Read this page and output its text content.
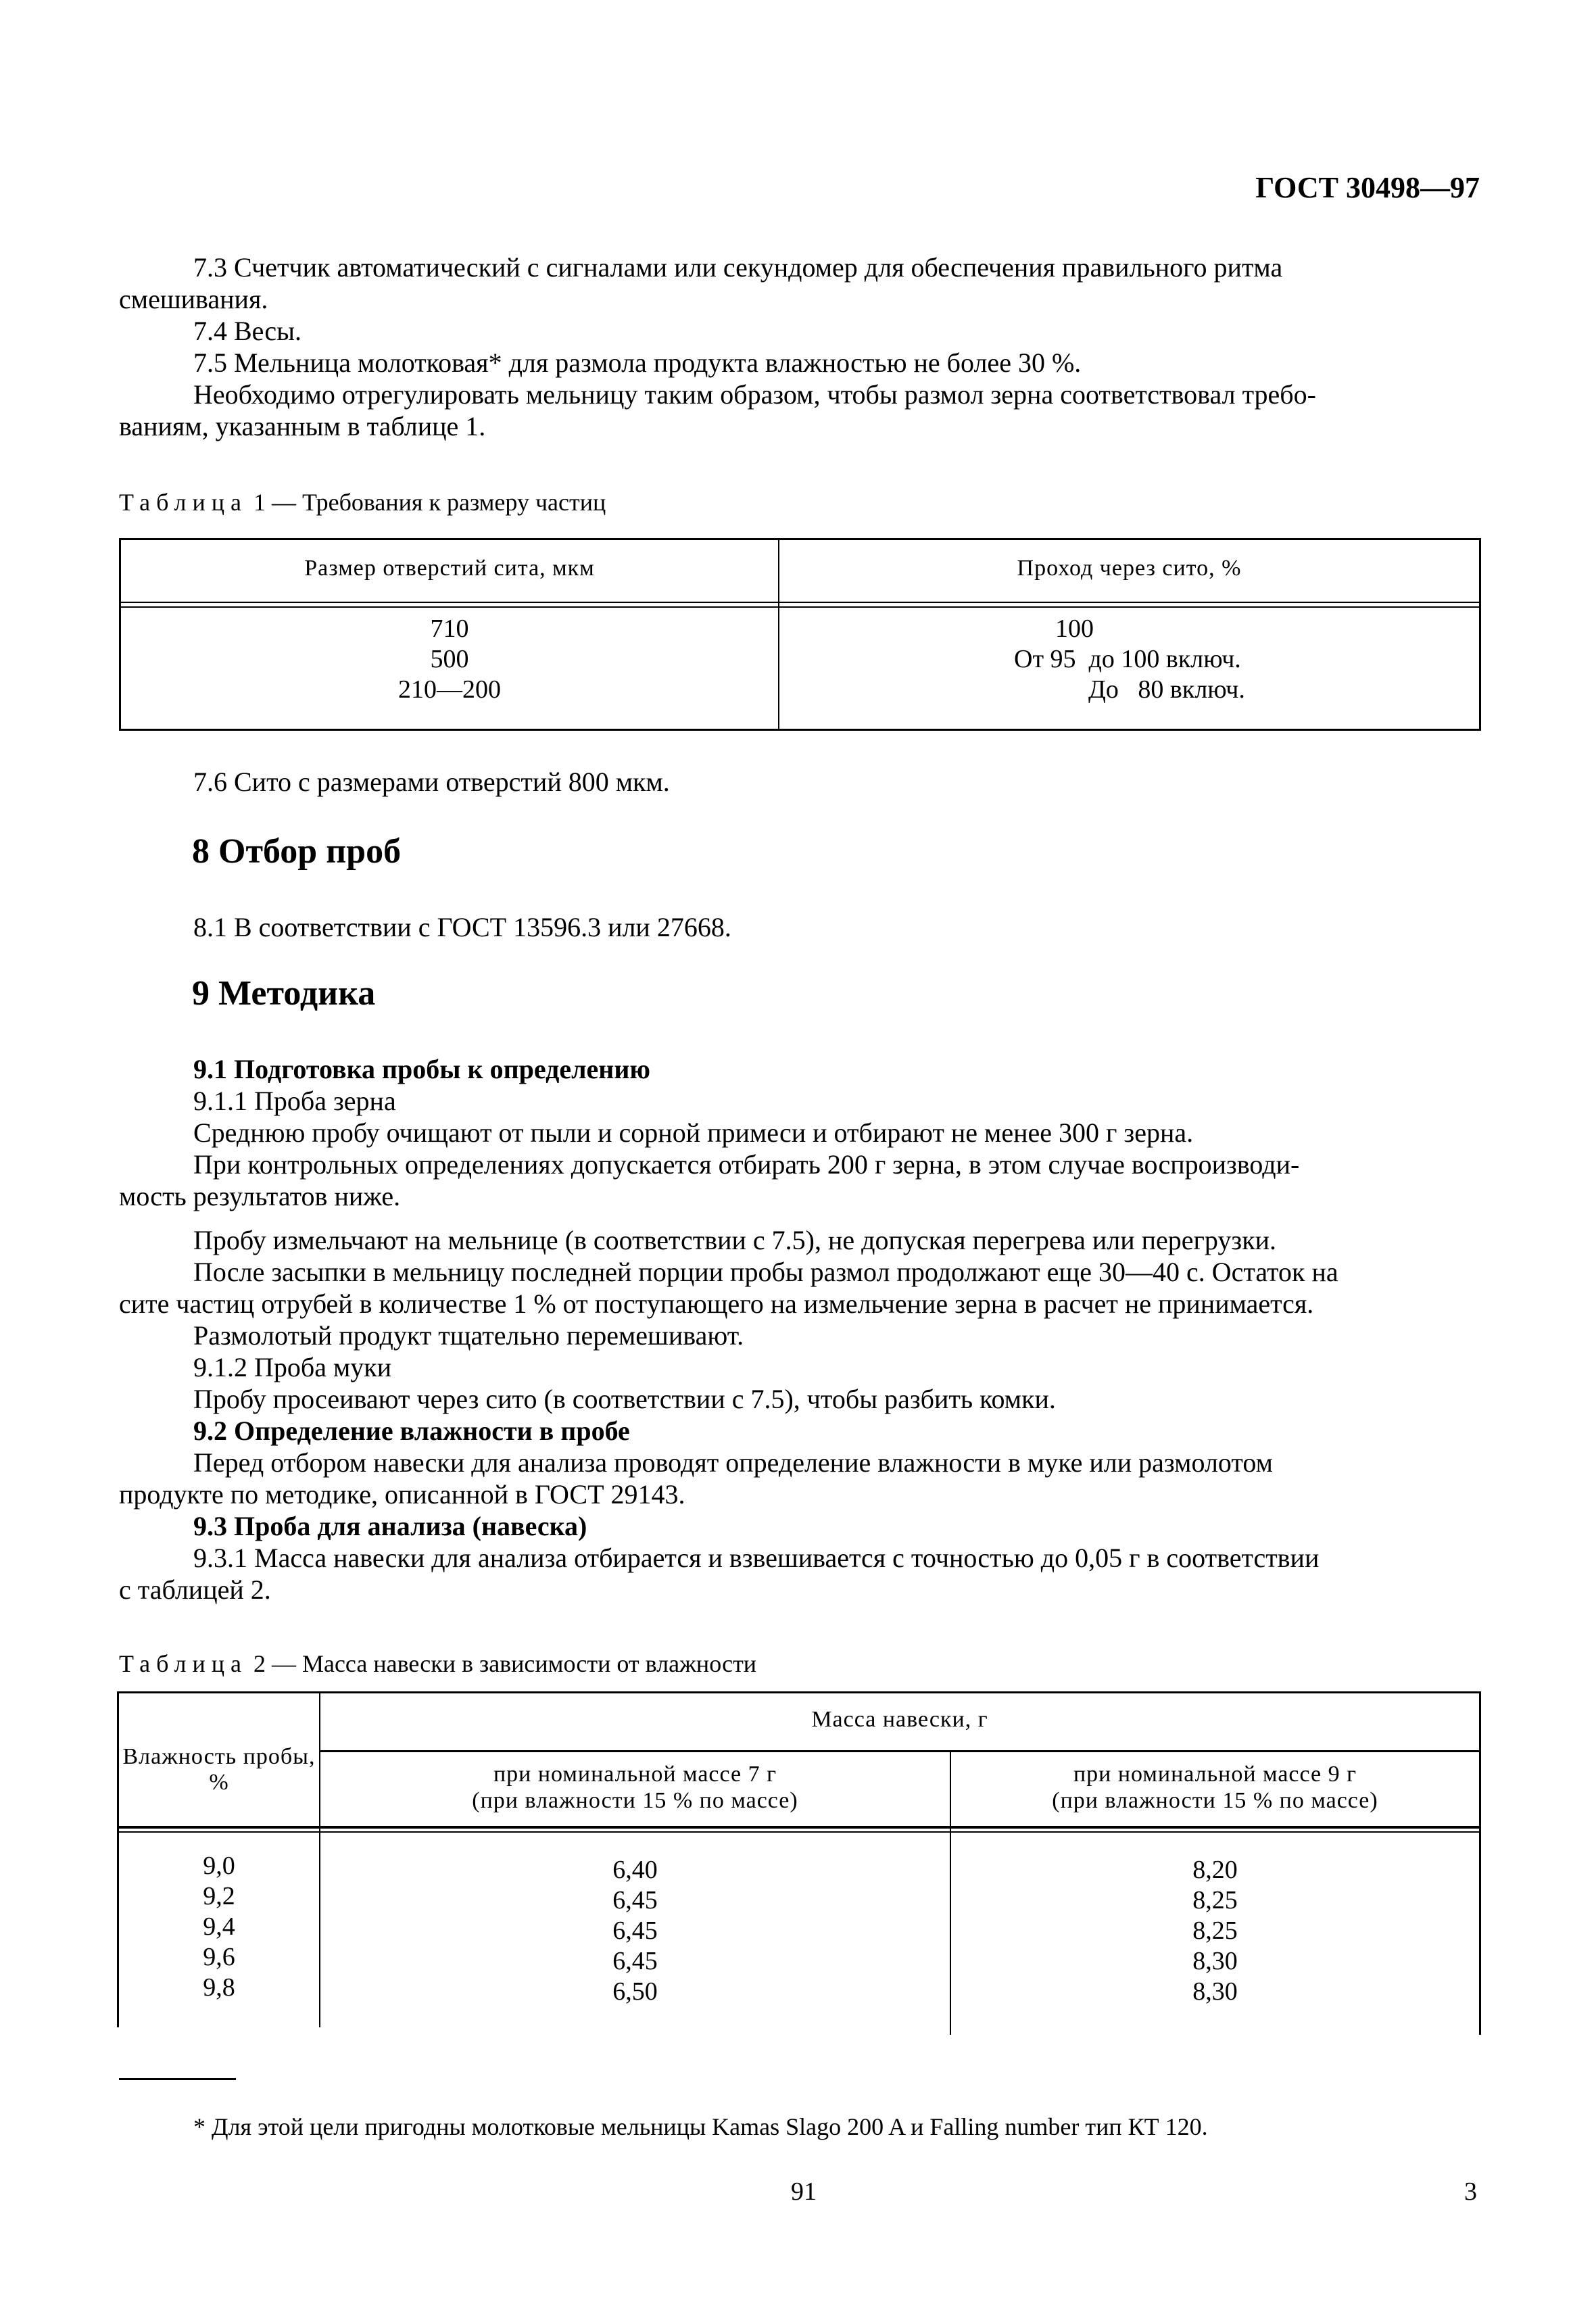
ГОСТ 30498—97
7.3 Счетчик автоматический с сигналами или секундомер для обеспечения правильного ритма
смешивания.
7.4 Весы.
7.5 Мельница молотковая* для размола продукта влажностью не более 30 %.
Необходимо отрегулировать мельницу таким образом, чтобы размол зерна соответствовал требо-
ваниям, указанным в таблице 1.
Таблица 1 — Требования к размеру частиц
Размер отверстий сита, мкм	Проход через сито, %
710
500
210—200
100
От 95  до 100 включ.
До   80 включ.
7.6 Сито с размерами отверстий 800 мкм.
8 Отбор проб
8.1 В соответствии с ГОСТ 13596.3 или 27668.
9 Методика
9.1 Подготовка пробы к определению
9.1.1 Проба зерна
Среднюю пробу очищают от пыли и сорной примеси и отбирают не менее 300 г зерна.
При контрольных определениях допускается отбирать 200 г зерна, в этом случае воспроизводи-
мость результатов ниже.
Пробу измельчают на мельнице (в соответствии с 7.5), не допуская перегрева или перегрузки.
После засыпки в мельницу последней порции пробы размол продолжают еще 30—40 с. Остаток на
сите частиц отрубей в количестве 1 % от поступающего на измельчение зерна в расчет не принимается.
Размолотый продукт тщательно перемешивают.
9.1.2 Проба муки
Пробу просеивают через сито (в соответствии с 7.5), чтобы разбить комки.
9.2 Определение влажности в пробе
Перед отбором навески для анализа проводят определение влажности в муке или размолотом
продукте по методике, описанной в ГОСТ 29143.
9.3 Проба для анализа (навеска)
9.3.1 Масса навески для анализа отбирается и взвешивается с точностью до 0,05 г в соответствии
с таблицей 2.
Таблица 2 — Масса навески в зависимости от влажности
Влажность пробы, %
Масса навески, г
при номинальной массе 7 г
(при влажности 15 % по массе)
при номинальной массе 9 г
(при влажности 15 % по массе)
9,0
9,2
9,4
9,6
9,8
6,40
6,45
6,45
6,45
6,50
8,20
8,25
8,25
8,30
8,30
* Для этой цели пригодны молотковые мельницы Kamas Slago 200 A и Falling number тип КТ 120.
91	3
